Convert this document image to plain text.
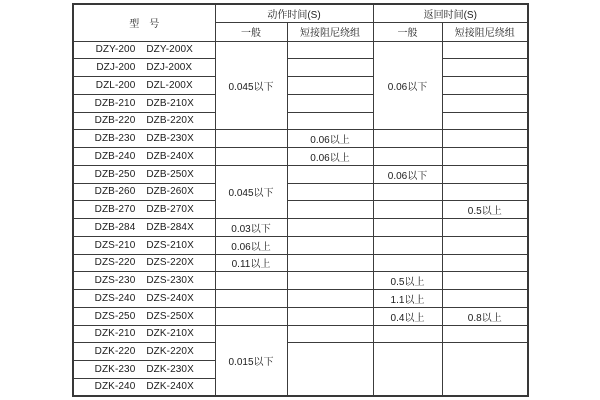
型　号	动作时间(S)		返回时间(S)	
	一般	短接阻尼绕组	一般	短接阻尼绕组
DZY-200 DZY-200X	0.045以下		0.06以下	
DZJ-200 DZJ-200X				
DZL-200 DZL-200X				
DZB-210 DZB-210X				
DZB-220 DZB-220X				
DZB-230 DZB-230X		0.06以上		
DZB-240 DZB-240X		0.06以上		
DZB-250 DZB-250X	0.045以下		0.06以下	
DZB-260 DZB-260X				
DZB-270 DZB-270X				0.5以上
DZB-284 DZB-284X	0.03以下			
DZS-210 DZS-210X	0.06以上			
DZS-220 DZS-220X	0.11以上			
DZS-230 DZS-230X			0.5以上	
DZS-240 DZS-240X			1.1以上	
DZS-250 DZS-250X			0.4以上	0.8以上
DZK-210 DZK-210X	0.015以下			
DZK-220 DZK-220X				
DZK-230 DZK-230X				
DZK-240 DZK-240X				
